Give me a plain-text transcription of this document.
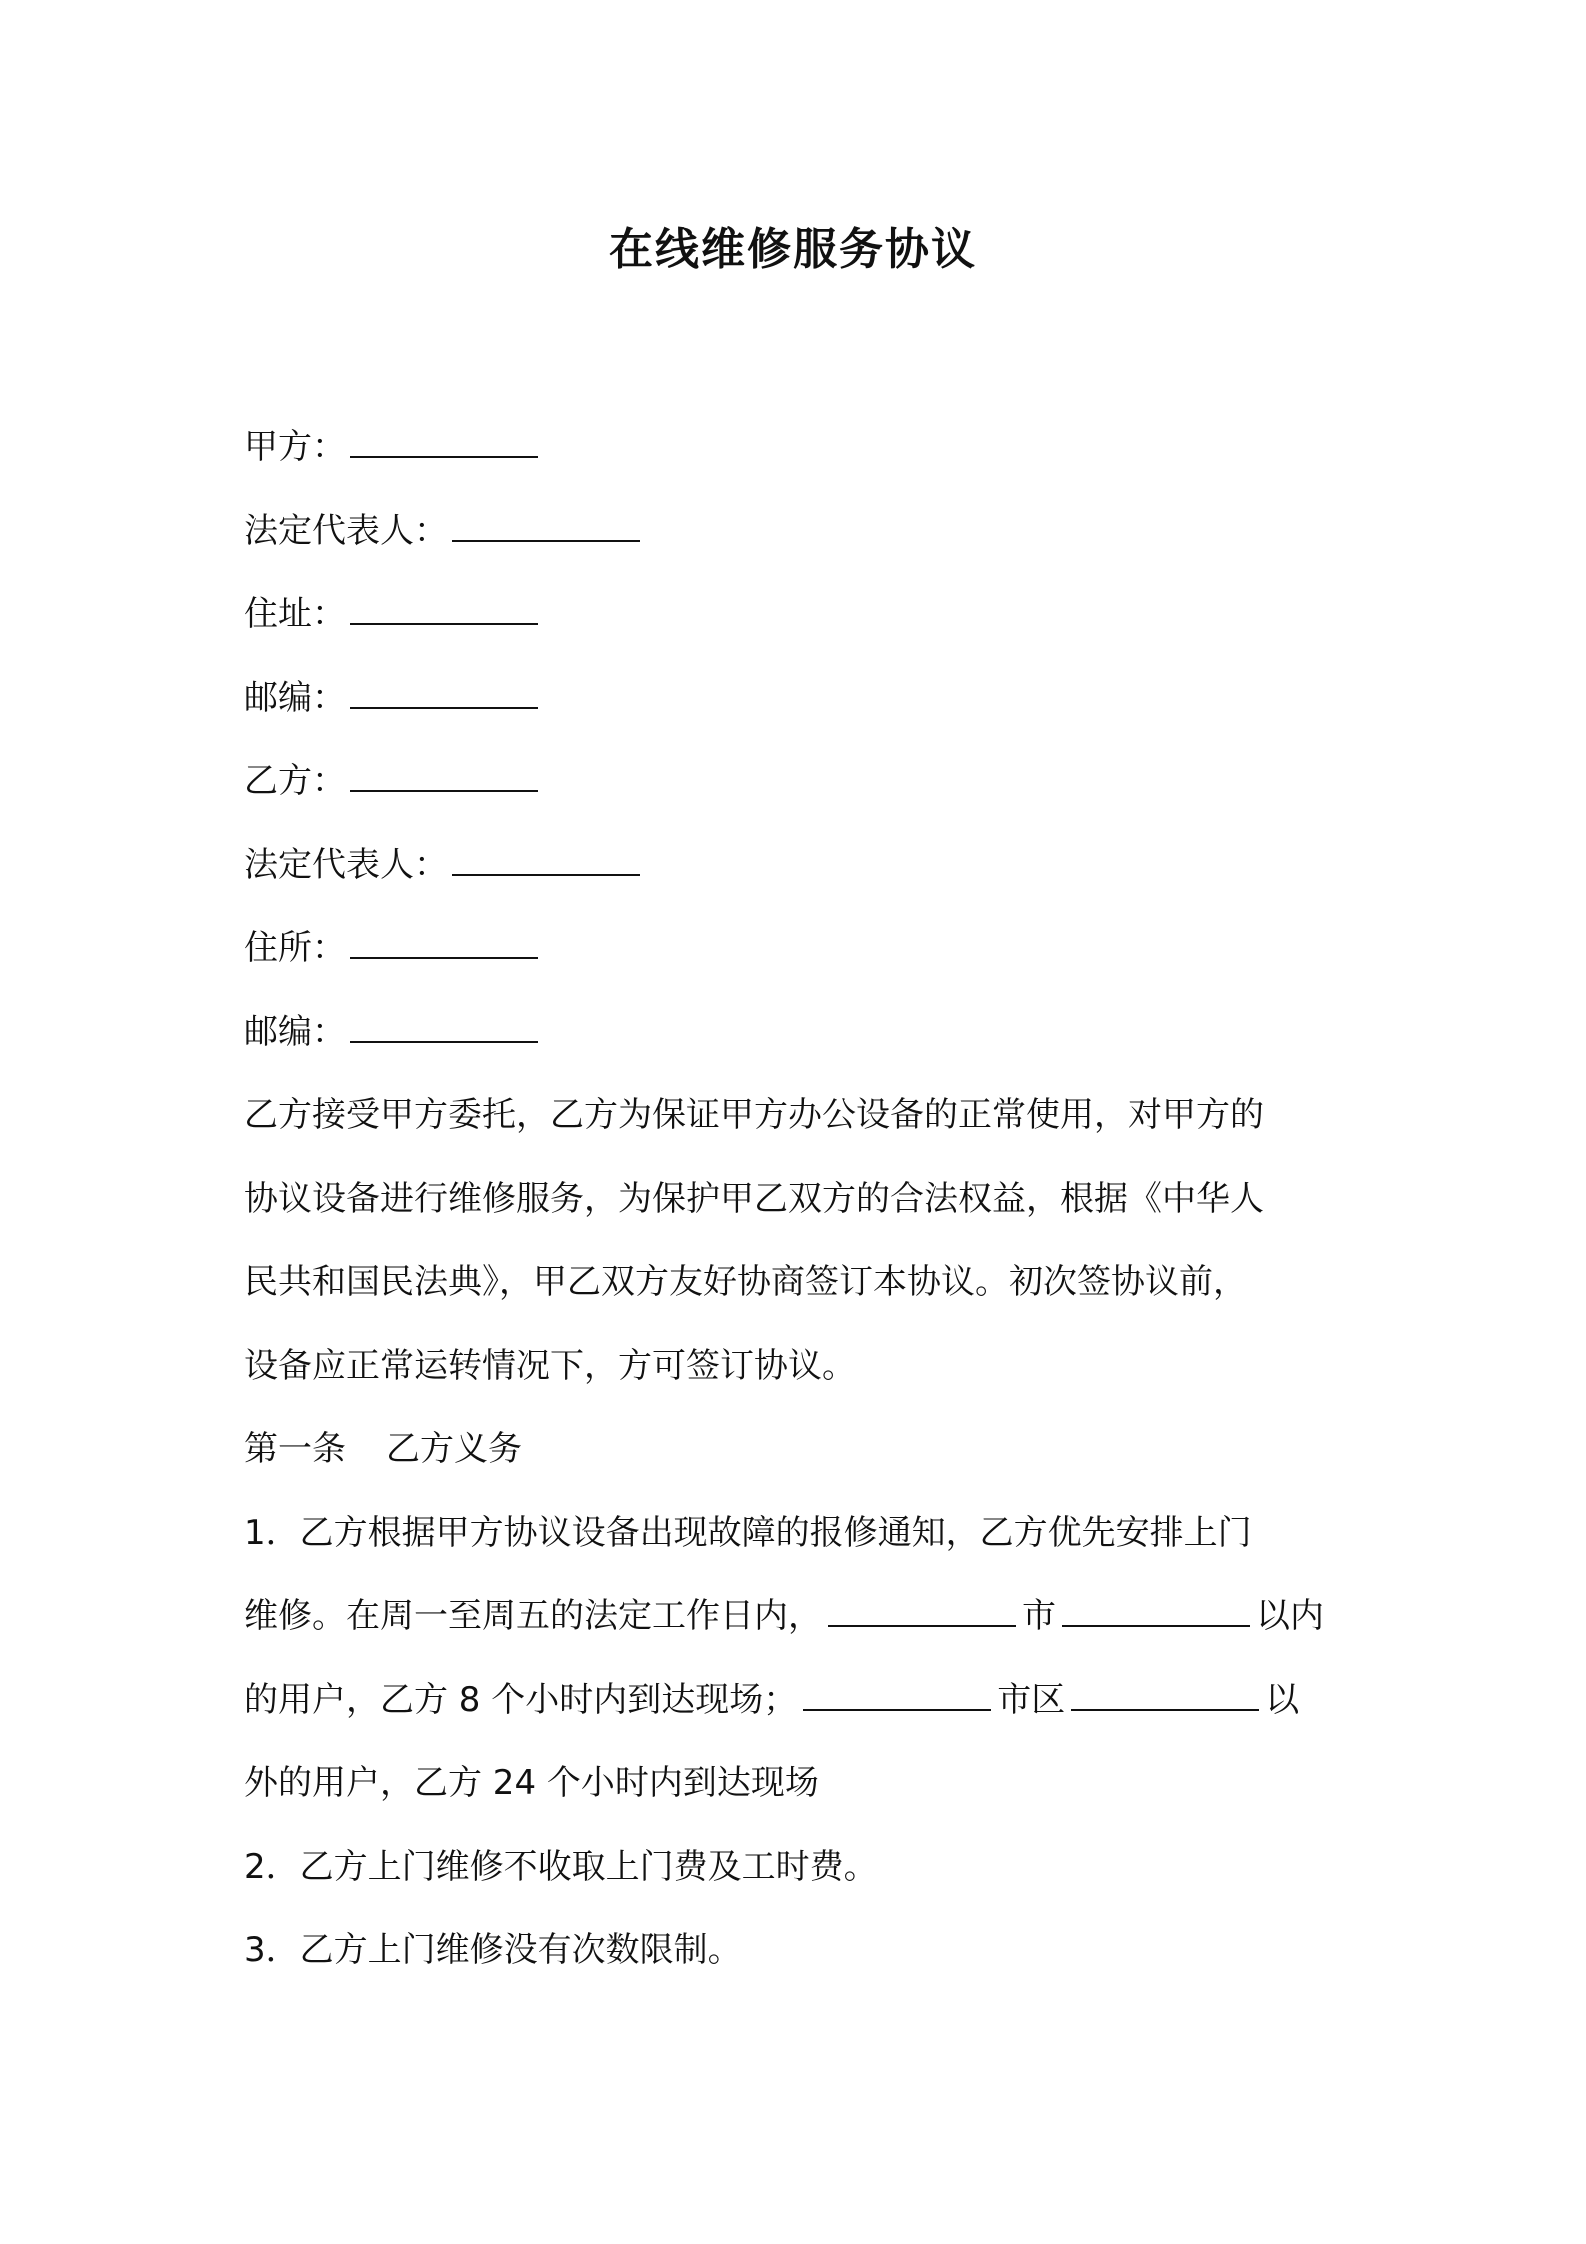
在线维修服务协议
甲方：
法定代表人：
住址：
邮编：
乙方：
法定代表人：
住所：
邮编：
乙方接受甲方委托，乙方为保证甲方办公设备的正常使用，对甲方的
协议设备进行维修服务，为保护甲乙双方的合法权益，根据《中华人
民共和国民法典》，甲乙双方友好协商签订本协议。初次签协议前，
设备应正常运转情况下，方可签订协议。
第一条 乙方义务
1．乙方根据甲方协议设备出现故障的报修通知，乙方优先安排上门
维修。在周一至周五的法定工作日内，	市	以内
的用户，乙方 8 个小时内到达现场；	市区	以
外的用户，乙方 24 个小时内到达现场
2．乙方上门维修不收取上门费及工时费。
3．乙方上门维修没有次数限制。
